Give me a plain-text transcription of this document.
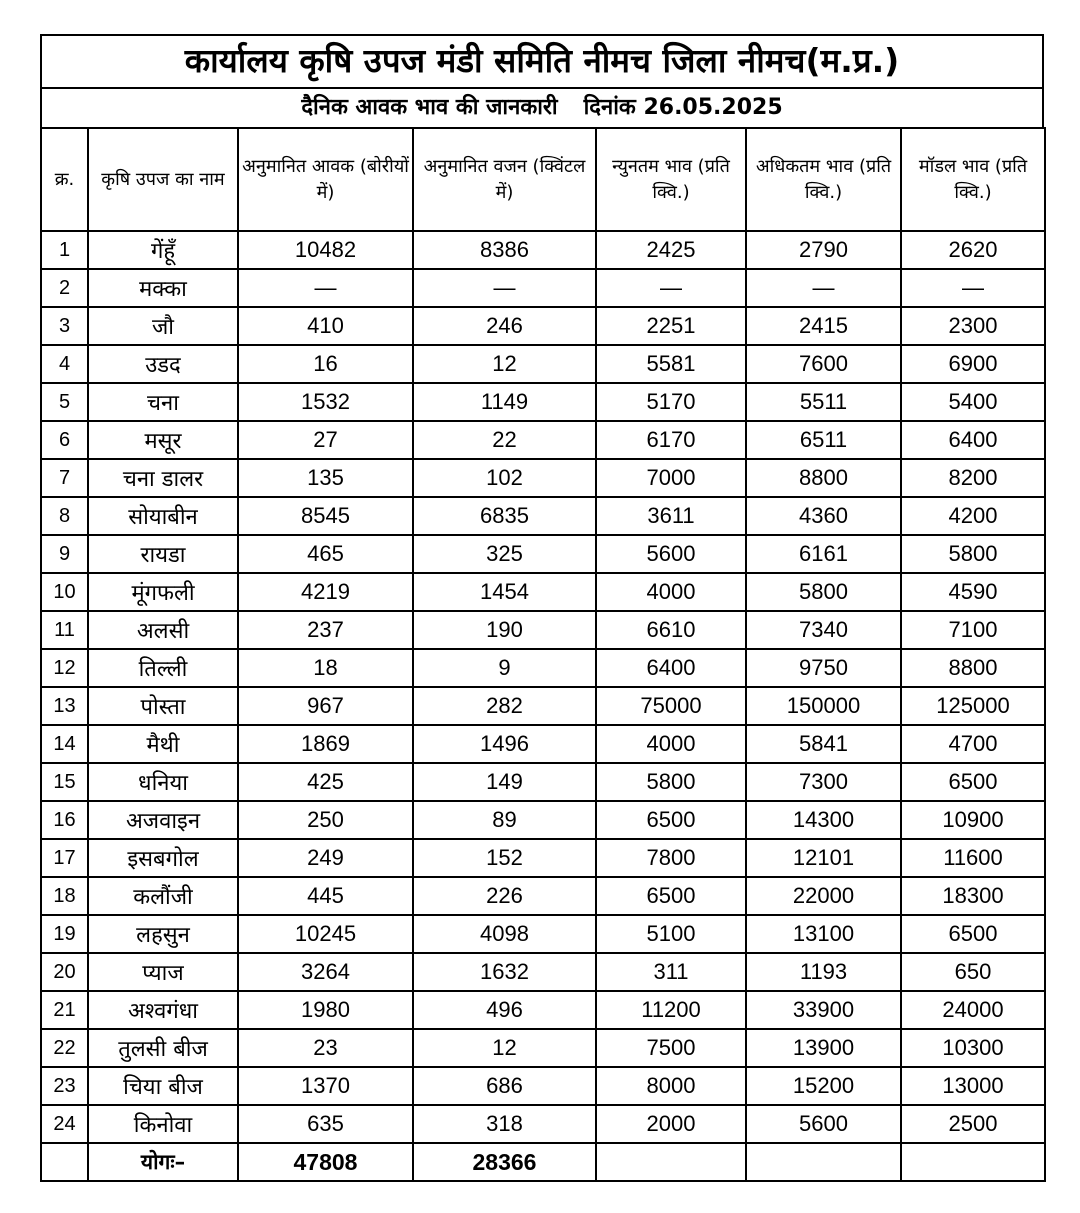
कार्यालय कृषि उपज मंडी समिति नीमच जिला नीमच(म.प्र.)
दैनिक आवक भाव की जानकारी दिनांक 26.05.2025
क्र.	कृषि उपज का नाम	अनुमानित आवक (बोरीयों में)	अनुमानित वजन (क्विंटल में)	न्युनतम भाव (प्रति क्वि.)	अधिकतम भाव (प्रति क्वि.)	मॉडल भाव (प्रति क्वि.)
1	गेंहूँ	10482	8386	2425	2790	2620
2	मक्का	—	—	—	—	—
3	जौ	410	246	2251	2415	2300
4	उडद	16	12	5581	7600	6900
5	चना	1532	1149	5170	5511	5400
6	मसूर	27	22	6170	6511	6400
7	चना डालर	135	102	7000	8800	8200
8	सोयाबीन	8545	6835	3611	4360	4200
9	रायडा	465	325	5600	6161	5800
10	मूंगफली	4219	1454	4000	5800	4590
11	अलसी	237	190	6610	7340	7100
12	तिल्ली	18	9	6400	9750	8800
13	पोस्ता	967	282	75000	150000	125000
14	मैथी	1869	1496	4000	5841	4700
15	धनिया	425	149	5800	7300	6500
16	अजवाइन	250	89	6500	14300	10900
17	इसबगोल	249	152	7800	12101	11600
18	कलौंजी	445	226	6500	22000	18300
19	लहसुन	10245	4098	5100	13100	6500
20	प्याज	3264	1632	311	1193	650
21	अश्वगंधा	1980	496	11200	33900	24000
22	तुलसी बीज	23	12	7500	13900	10300
23	चिया बीज	1370	686	8000	15200	13000
24	किनोवा	635	318	2000	5600	2500
	योगः–	47808	28366			
